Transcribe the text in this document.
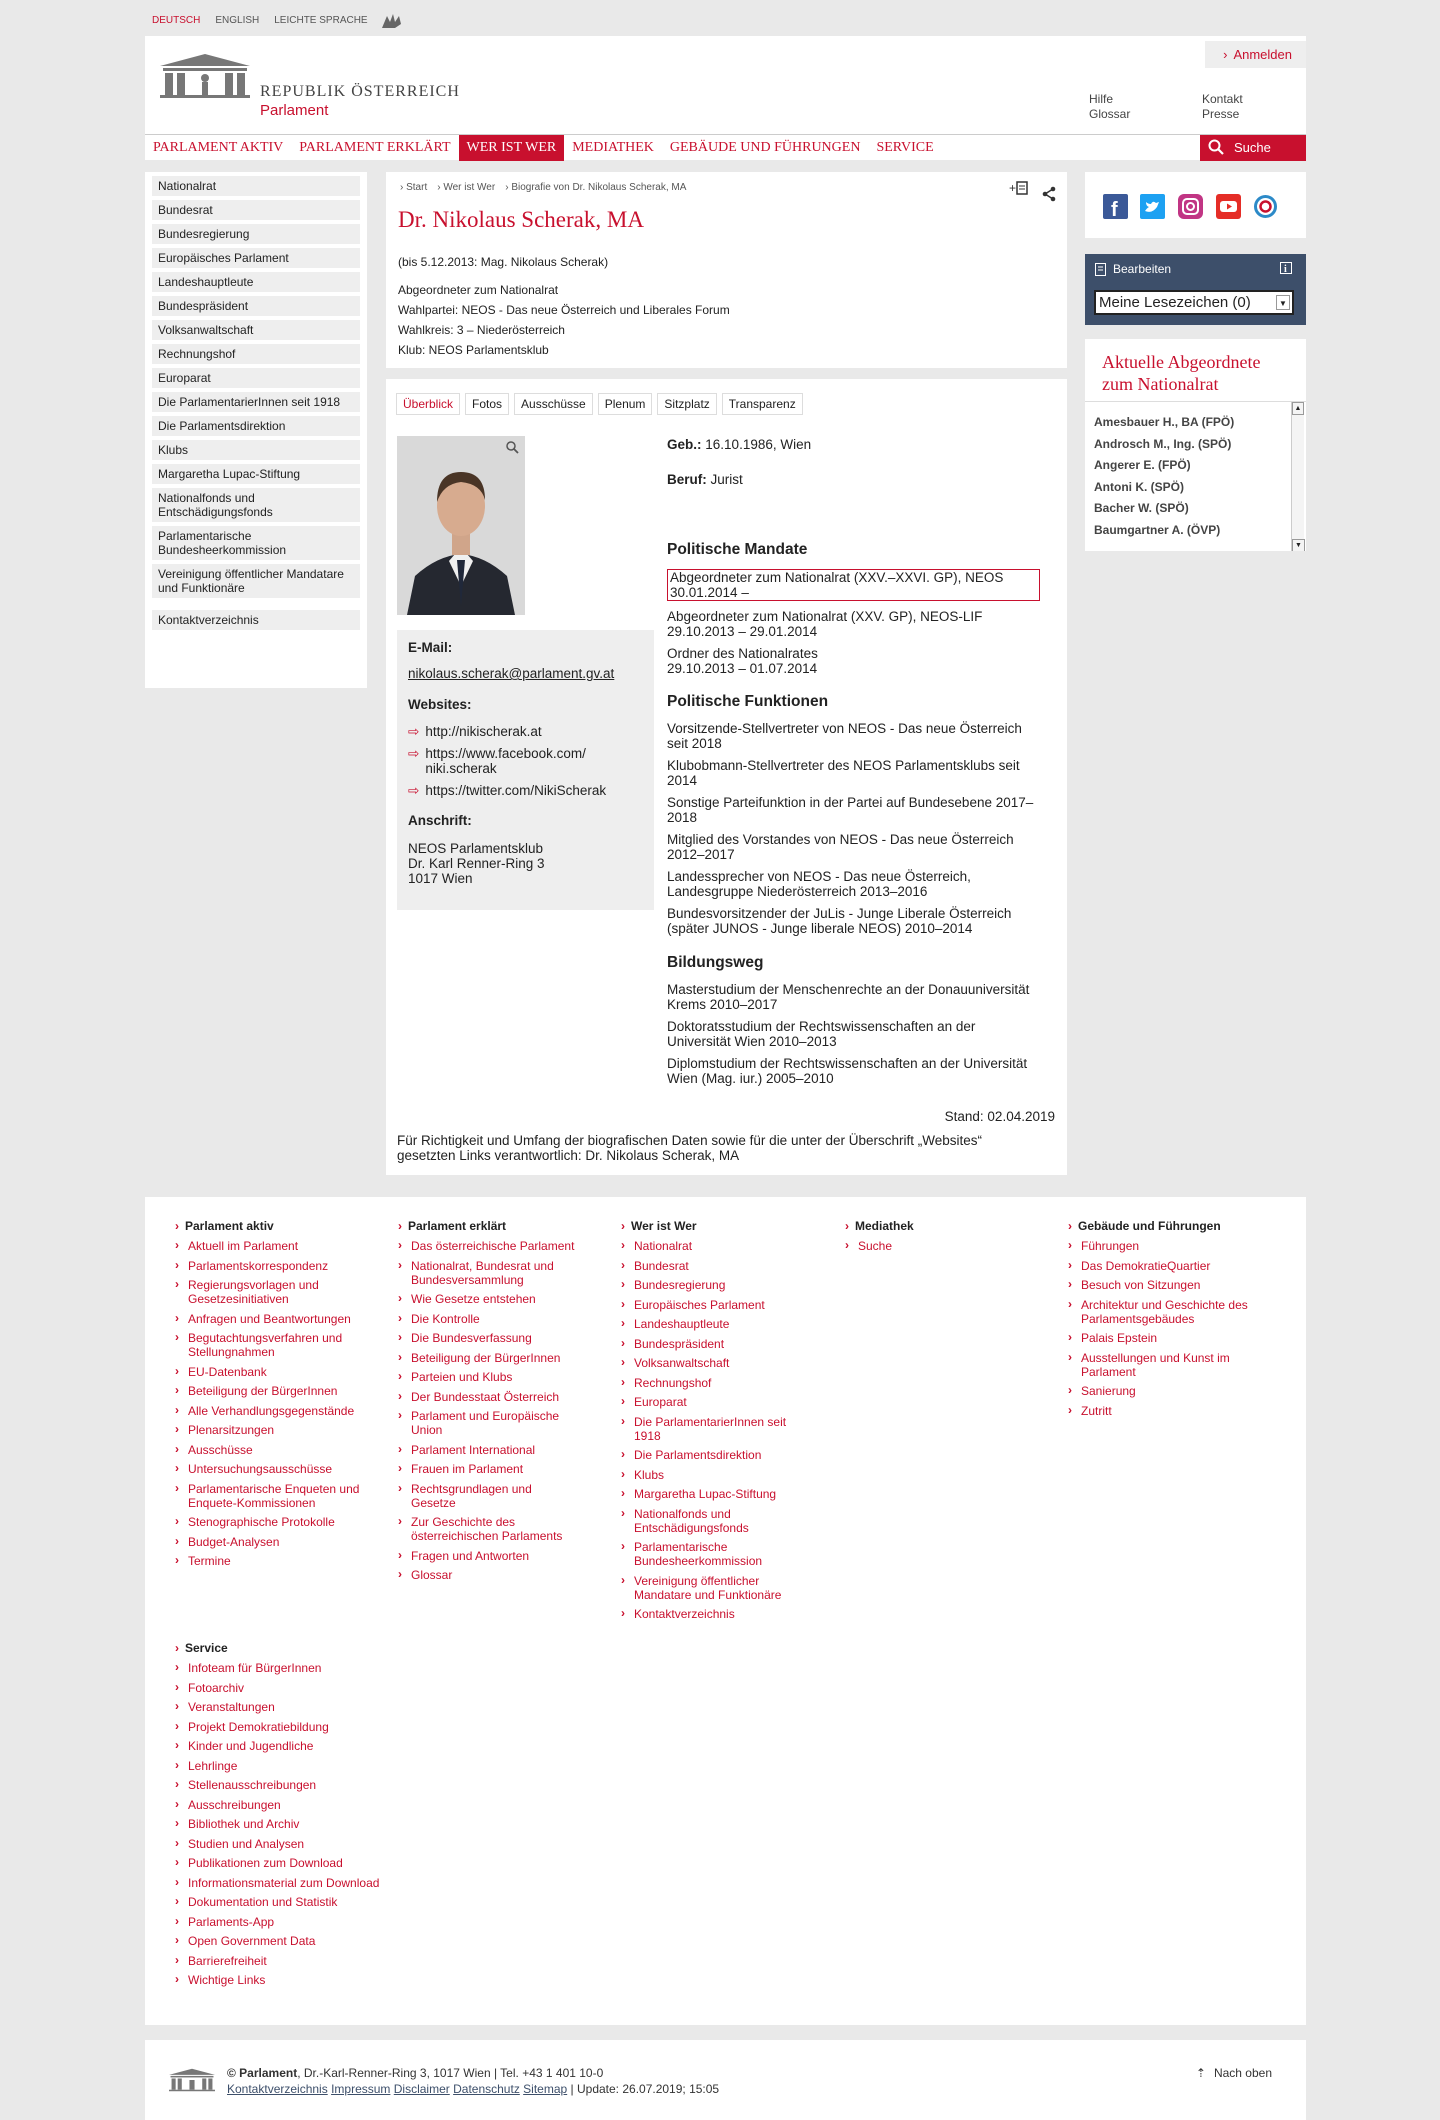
DEUTSCH ENGLISH LEICHTE SPRACHE
REPUBLIK ÖSTERREICH
Parlament
› Anmelden
Hilfe
Glossar
Kontakt
Presse
PARLAMENT AKTIV	PARLAMENT ERKLÄRT	WER IST WER	MEDIATHEK	GEBÄUDE UND FÜHRUNGEN	SERVICE	Suche
Nationalrat
Bundesrat
Bundesregierung
Europäisches Parlament
Landeshauptleute
Bundespräsident
Volksanwaltschaft
Rechnungshof
Europarat
Die ParlamentarierInnen seit 1918
Die Parlamentsdirektion
Klubs
Margaretha Lupac-Stiftung
Nationalfonds und Entschädigungsfonds
Parlamentarische Bundesheerkommission
Vereinigung öffentlicher Mandatare und Funktionäre
Kontaktverzeichnis
› Start › Wer ist Wer › Biografie von Dr. Nikolaus Scherak, MA	+
Dr. Nikolaus Scherak, MA
(bis 5.12.2013: Mag. Nikolaus Scherak)
Abgeordneter zum Nationalrat
Wahlpartei: NEOS - Das neue Österreich und Liberales Forum
Wahlkreis: 3 – Niederösterreich
Klub: NEOS Parlamentsklub
Überblick	Fotos	Ausschüsse	Plenum	Sitzplatz	Transparenz
Geb.: 16.10.1986, Wien
Beruf: Jurist
Politische Mandate
Abgeordneter zum Nationalrat (XXV.–XXVI. GP), NEOS
30.01.2014 –
Abgeordneter zum Nationalrat (XXV. GP), NEOS-LIF
29.10.2013 – 29.01.2014
Ordner des Nationalrates
29.10.2013 – 01.07.2014
Politische Funktionen
Vorsitzende-Stellvertreter von NEOS - Das neue Österreich
seit 2018
Klubobmann-Stellvertreter des NEOS Parlamentsklubs seit
2014
Sonstige Parteifunktion in der Partei auf Bundesebene 2017–
2018
Mitglied des Vorstandes von NEOS - Das neue Österreich
2012–2017
Landessprecher von NEOS - Das neue Österreich,
Landesgruppe Niederösterreich 2013–2016
Bundesvorsitzender der JuLis - Junge Liberale Österreich
(später JUNOS - Junge liberale NEOS) 2010–2014
Bildungsweg
Masterstudium der Menschenrechte an der Donauuniversität
Krems 2010–2017
Doktoratsstudium der Rechtswissenschaften an der
Universität Wien 2010–2013
Diplomstudium der Rechtswissenschaften an der Universität
Wien (Mag. iur.) 2005–2010
Stand: 02.04.2019
Für Richtigkeit und Umfang der biografischen Daten sowie für die unter der Überschrift „Websites“
gesetzten Links verantwortlich: Dr. Nikolaus Scherak, MA
E-Mail:
nikolaus.scherak@parlament.gv.at
Websites:
⇨ http://nikischerak.at
⇨ https://www.facebook.com/
niki.scherak
⇨ https://twitter.com/NikiScherak
Anschrift:
NEOS Parlamentsklub
Dr. Karl Renner-Ring 3
1017 Wien
f
Bearbeiten	i
Meine Lesezeichen (0)	▼
Aktuelle Abgeordnete
zum Nationalrat
Amesbauer H., BA (FPÖ)
Androsch M., Ing. (SPÖ)
Angerer E. (FPÖ)
Antoni K. (SPÖ)
Bacher W. (SPÖ)
Baumgartner A. (ÖVP)
▲
▼
› Parlament aktiv
› Aktuell im Parlament
› Parlamentskorrespondenz
› Regierungsvorlagen und Gesetzesinitiativen
› Anfragen und Beantwortungen
› Begutachtungsverfahren und Stellungnahmen
› EU-Datenbank
› Beteiligung der BürgerInnen
› Alle Verhandlungsgegenstände
› Plenarsitzungen
› Ausschüsse
› Untersuchungsausschüsse
› Parlamentarische Enqueten und Enquete-Kommissionen
› Stenographische Protokolle
› Budget-Analysen
› Termine
› Parlament erklärt
› Das österreichische Parlament
› Nationalrat, Bundesrat und Bundesversammlung
› Wie Gesetze entstehen
› Die Kontrolle
› Die Bundesverfassung
› Beteiligung der BürgerInnen
› Parteien und Klubs
› Der Bundesstaat Österreich
› Parlament und Europäische Union
› Parlament International
› Frauen im Parlament
› Rechtsgrundlagen und Gesetze
› Zur Geschichte des österreichischen Parlaments
› Fragen und Antworten
› Glossar
› Wer ist Wer
› Nationalrat
› Bundesrat
› Bundesregierung
› Europäisches Parlament
› Landeshauptleute
› Bundespräsident
› Volksanwaltschaft
› Rechnungshof
› Europarat
› Die ParlamentarierInnen seit 1918
› Die Parlamentsdirektion
› Klubs
› Margaretha Lupac-Stiftung
› Nationalfonds und Entschädigungsfonds
› Parlamentarische Bundesheerkommission
› Vereinigung öffentlicher Mandatare und Funktionäre
› Kontaktverzeichnis
› Mediathek
› Suche
› Gebäude und Führungen
› Führungen
› Das DemokratieQuartier
› Besuch von Sitzungen
› Architektur und Geschichte des Parlamentsgebäudes
› Palais Epstein
› Ausstellungen und Kunst im Parlament
› Sanierung
› Zutritt
› Service
› Infoteam für BürgerInnen
› Fotoarchiv
› Veranstaltungen
› Projekt Demokratiebildung
› Kinder und Jugendliche
› Lehrlinge
› Stellenausschreibungen
› Ausschreibungen
› Bibliothek und Archiv
› Studien und Analysen
› Publikationen zum Download
› Informationsmaterial zum Download
› Dokumentation und Statistik
› Parlaments-App
› Open Government Data
› Barrierefreiheit
› Wichtige Links
© Parlament, Dr.-Karl-Renner-Ring 3, 1017 Wien | Tel. +43 1 401 10-0
Kontaktverzeichnis Impressum Disclaimer Datenschutz Sitemap | Update: 26.07.2019; 15:05
⇡ Nach oben
